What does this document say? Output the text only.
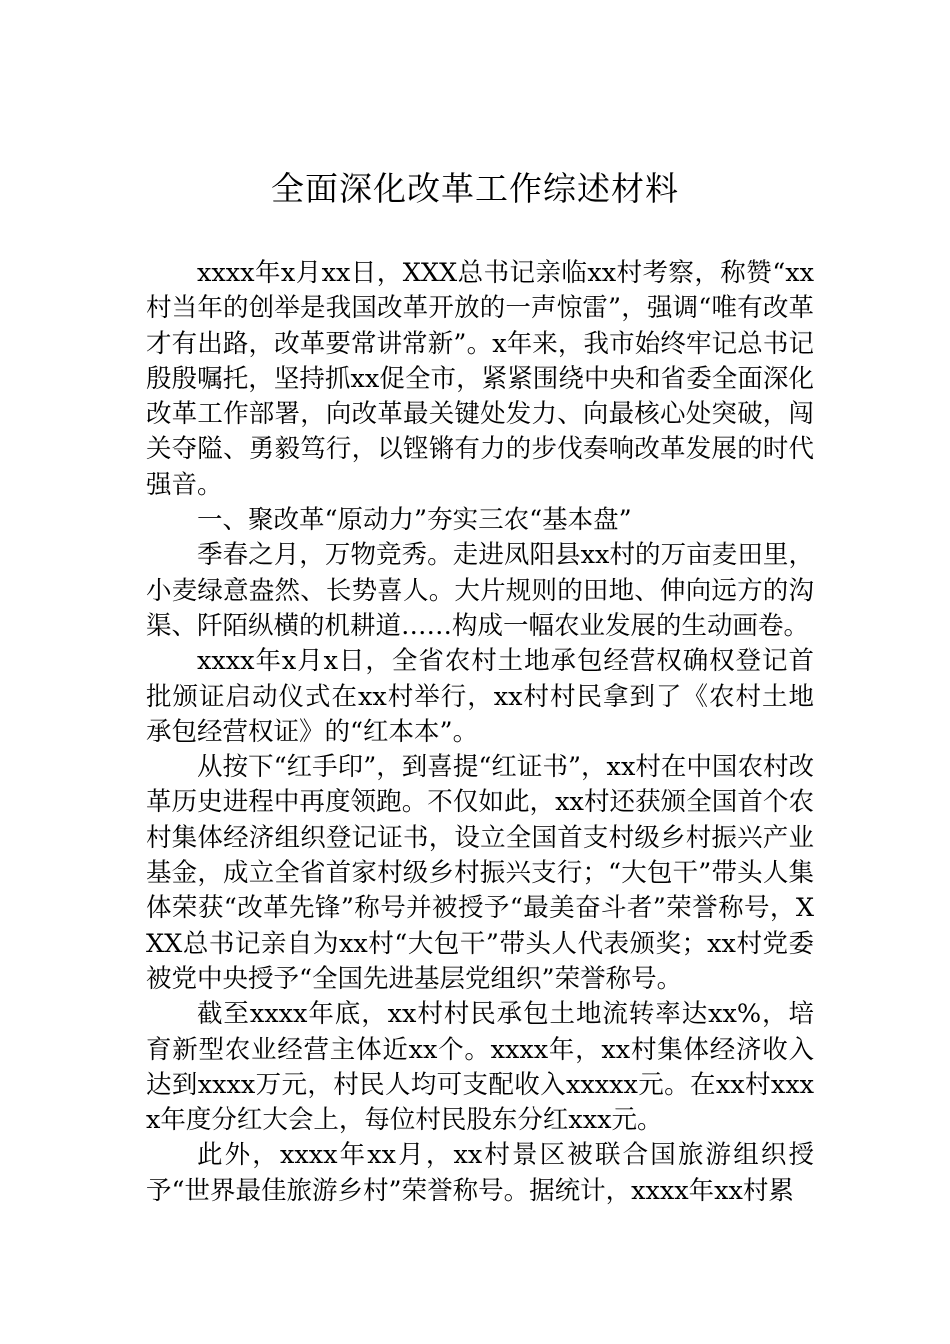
全面深化改革工作综述材料

xxxx年x月xx日，XXX总书记亲临xx村考察，称赞“xx村当年的创举是我国改革开放的一声惊雷”，强调“唯有改革才有出路，改革要常讲常新”。x年来，我市始终牢记总书记殷殷嘱托，坚持抓xx促全市，紧紧围绕中央和省委全面深化改革工作部署，向改革最关键处发力、向最核心处突破，闯关夺隘、勇毅笃行，以铿锵有力的步伐奏响改革发展的时代强音。

一、聚改革“原动力”夯实三农“基本盘”

季春之月，万物竞秀。走进凤阳县xx村的万亩麦田里，小麦绿意盎然、长势喜人。大片规则的田地、伸向远方的沟渠、阡陌纵横的机耕道……构成一幅农业发展的生动画卷。

xxxx年x月x日，全省农村土地承包经营权确权登记首批颁证启动仪式在xx村举行，xx村村民拿到了《农村土地承包经营权证》的“红本本”。

从按下“红手印”，到喜提“红证书”，xx村在中国农村改革历史进程中再度领跑。不仅如此，xx村还获颁全国首个农村集体经济组织登记证书，设立全国首支村级乡村振兴产业基金，成立全省首家村级乡村振兴支行；“大包干”带头人集体荣获“改革先锋”称号并被授予“最美奋斗者”荣誉称号，XXX总书记亲自为xx村“大包干”带头人代表颁奖；xx村党委被党中央授予“全国先进基层党组织”荣誉称号。

截至xxxx年底，xx村村民承包土地流转率达xx%，培育新型农业经营主体近xx个。xxxx年，xx村集体经济收入达到xxxx万元，村民人均可支配收入xxxxx元。在xx村xxxx年度分红大会上，每位村民股东分红xxx元。

此外，xxxx年xx月，xx村景区被联合国旅游组织授予“世界最佳旅游乡村”荣誉称号。据统计，xxxx年xx村累
